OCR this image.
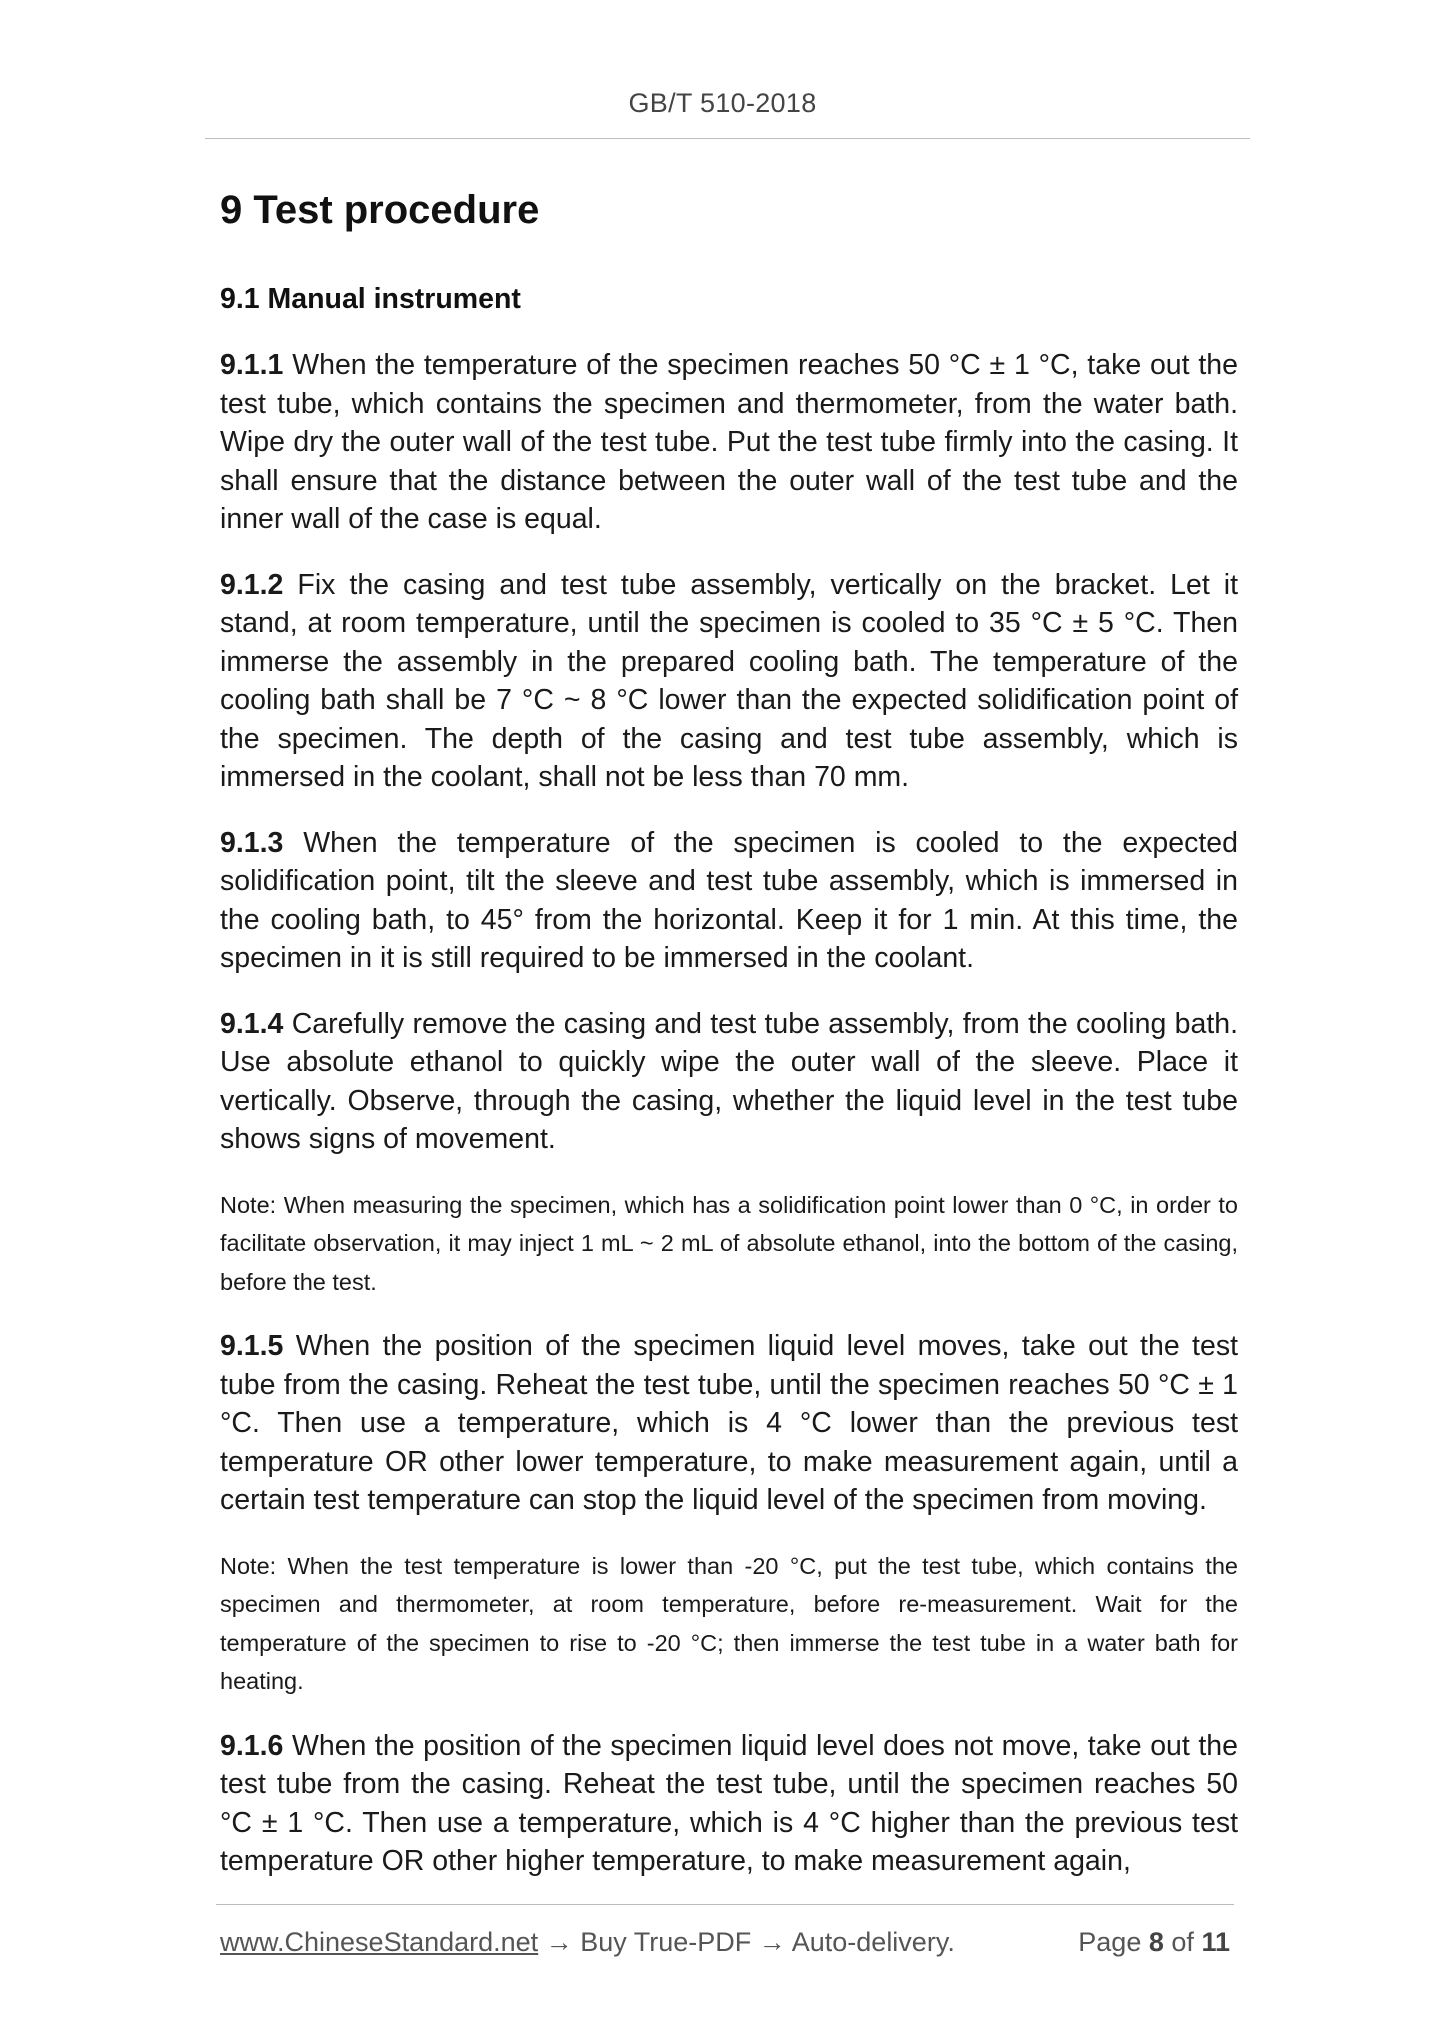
GB/T 510-2018
9 Test procedure
9.1 Manual instrument

9.1.1 When the temperature of the specimen reaches 50 °C ± 1 °C, take out the test tube, which contains the specimen and thermometer, from the water bath. Wipe dry the outer wall of the test tube. Put the test tube firmly into the casing. It shall ensure that the distance between the outer wall of the test tube and the inner wall of the case is equal.

9.1.2 Fix the casing and test tube assembly, vertically on the bracket. Let it stand, at room temperature, until the specimen is cooled to 35 °C ± 5 °C. Then immerse the assembly in the prepared cooling bath. The temperature of the cooling bath shall be 7 °C ~ 8 °C lower than the expected solidification point of the specimen. The depth of the casing and test tube assembly, which is immersed in the coolant, shall not be less than 70 mm.

9.1.3 When the temperature of the specimen is cooled to the expected solidification point, tilt the sleeve and test tube assembly, which is immersed in the cooling bath, to 45° from the horizontal. Keep it for 1 min. At this time, the specimen in it is still required to be immersed in the coolant.

9.1.4 Carefully remove the casing and test tube assembly, from the cooling bath. Use absolute ethanol to quickly wipe the outer wall of the sleeve. Place it vertically. Observe, through the casing, whether the liquid level in the test tube shows signs of movement.

Note: When measuring the specimen, which has a solidification point lower than 0 °C, in order to facilitate observation, it may inject 1 mL ~ 2 mL of absolute ethanol, into the bottom of the casing, before the test.

9.1.5 When the position of the specimen liquid level moves, take out the test tube from the casing. Reheat the test tube, until the specimen reaches 50 °C ± 1 °C. Then use a temperature, which is 4 °C lower than the previous test temperature OR other lower temperature, to make measurement again, until a certain test temperature can stop the liquid level of the specimen from moving.

Note: When the test temperature is lower than -20 °C, put the test tube, which contains the specimen and thermometer, at room temperature, before re-measurement. Wait for the temperature of the specimen to rise to -20 °C; then immerse the test tube in a water bath for heating.

9.1.6 When the position of the specimen liquid level does not move, take out the test tube from the casing. Reheat the test tube, until the specimen reaches 50 °C ± 1 °C. Then use a temperature, which is 4 °C higher than the previous test temperature OR other higher temperature, to make measurement again,

www.ChineseStandard.net → Buy True-PDF → Auto-delivery.	Page 8 of 11
